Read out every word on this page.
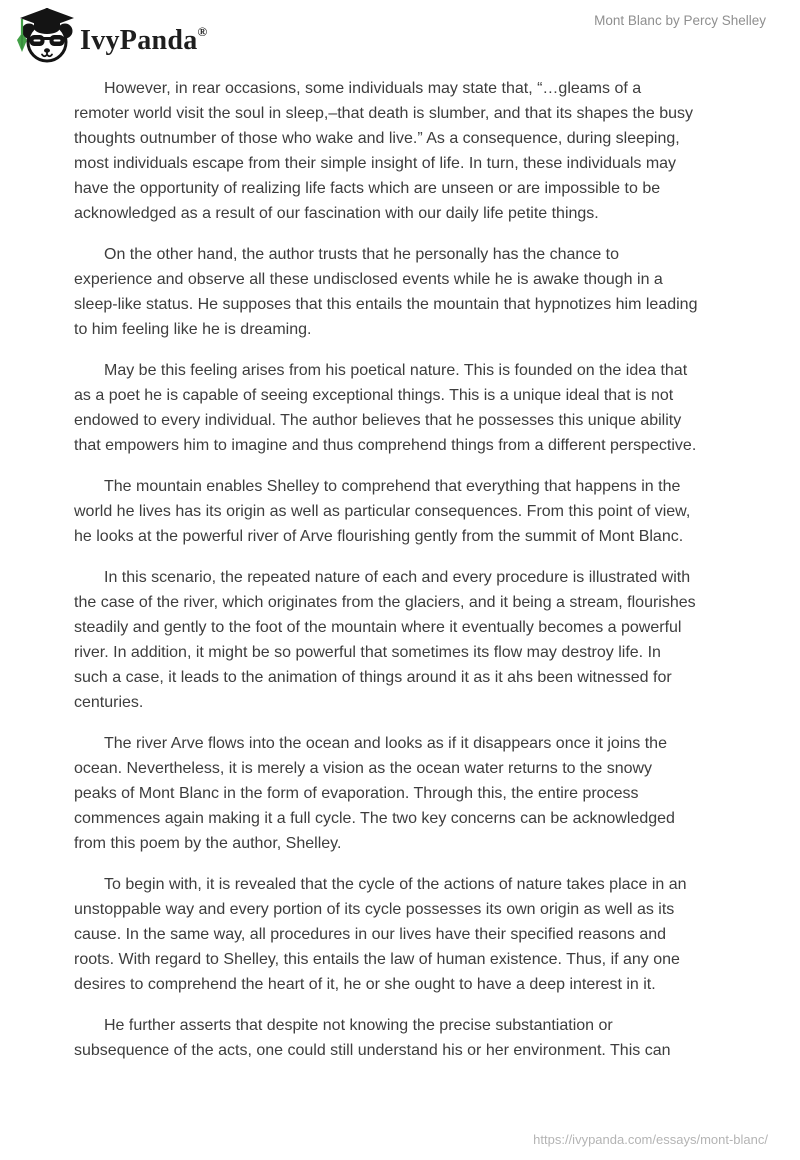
IvyPanda®
Mont Blanc by Percy Shelley
However, in rear occasions, some individuals may state that, “…gleams of a
remoter world visit the soul in sleep,–that death is slumber, and that its shapes the busy
thoughts outnumber of those who wake and live.” As a consequence, during sleeping,
most individuals escape from their simple insight of life. In turn, these individuals may
have the opportunity of realizing life facts which are unseen or are impossible to be
acknowledged as a result of our fascination with our daily life petite things.
On the other hand, the author trusts that he personally has the chance to
experience and observe all these undisclosed events while he is awake though in a
sleep-like status. He supposes that this entails the mountain that hypnotizes him leading
to him feeling like he is dreaming.
May be this feeling arises from his poetical nature. This is founded on the idea that
as a poet he is capable of seeing exceptional things. This is a unique ideal that is not
endowed to every individual. The author believes that he possesses this unique ability
that empowers him to imagine and thus comprehend things from a different perspective.
The mountain enables Shelley to comprehend that everything that happens in the
world he lives has its origin as well as particular consequences. From this point of view,
he looks at the powerful river of Arve flourishing gently from the summit of Mont Blanc.
In this scenario, the repeated nature of each and every procedure is illustrated with
the case of the river, which originates from the glaciers, and it being a stream, flourishes
steadily and gently to the foot of the mountain where it eventually becomes a powerful
river. In addition, it might be so powerful that sometimes its flow may destroy life. In
such a case, it leads to the animation of things around it as it ahs been witnessed for
centuries.
The river Arve flows into the ocean and looks as if it disappears once it joins the
ocean. Nevertheless, it is merely a vision as the ocean water returns to the snowy
peaks of Mont Blanc in the form of evaporation. Through this, the entire process
commences again making it a full cycle. The two key concerns can be acknowledged
from this poem by the author, Shelley.
To begin with, it is revealed that the cycle of the actions of nature takes place in an
unstoppable way and every portion of its cycle possesses its own origin as well as its
cause. In the same way, all procedures in our lives have their specified reasons and
roots. With regard to Shelley, this entails the law of human existence. Thus, if any one
desires to comprehend the heart of it, he or she ought to have a deep interest in it.
He further asserts that despite not knowing the precise substantiation or
subsequence of the acts, one could still understand his or her environment. This can
https://ivypanda.com/essays/mont-blanc/
